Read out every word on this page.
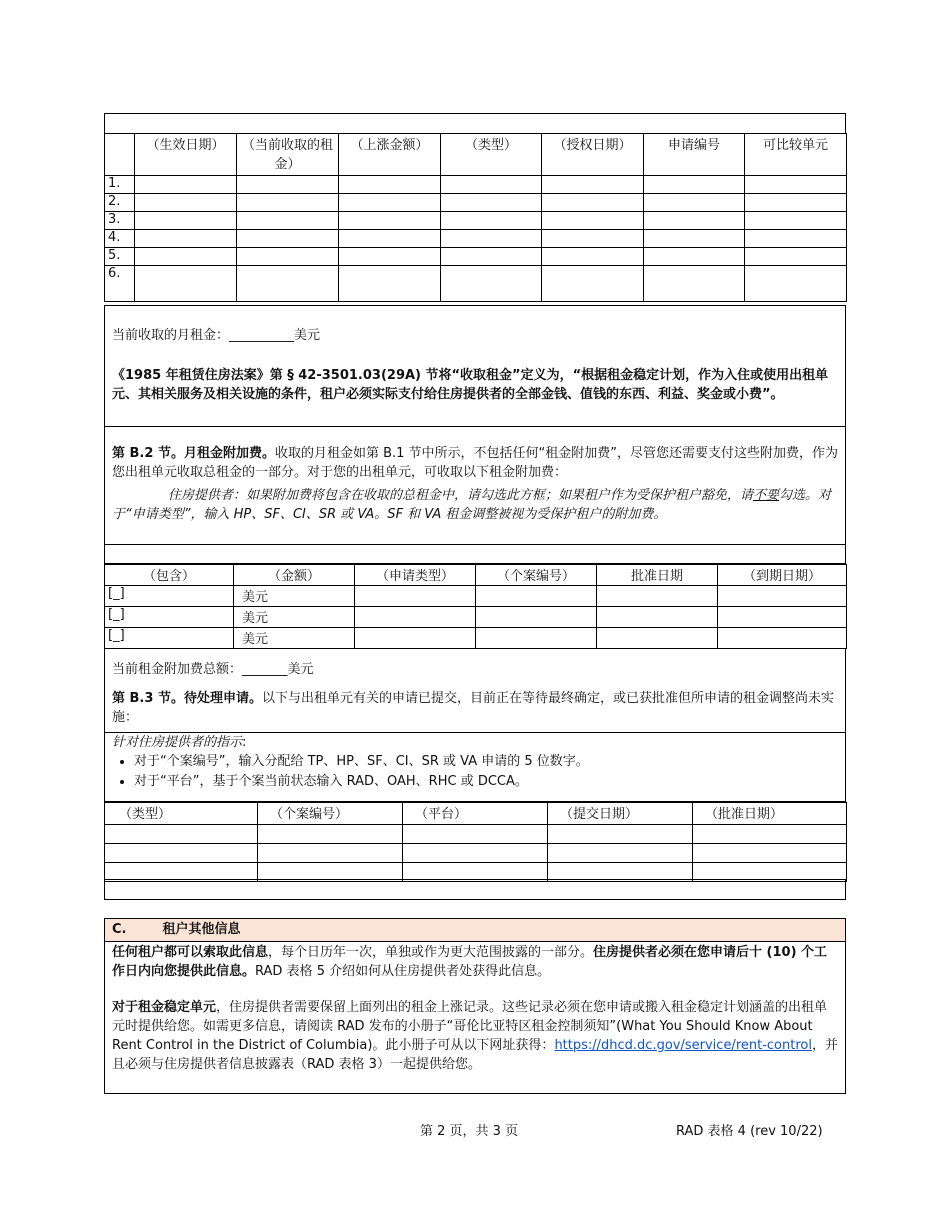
	（生效日期）	（当前收取的租金）	（上涨金额）	（类型）	（授权日期）	申请编号	可比较单元
1.							
2.							
3.							
4.							
5.							
6.							
当前收取的月租金：__________美元
《1985 年租赁住房法案》第 § 42-3501.03(29A) 节将“收取租金”定义为，“根据租金稳定计划，作为入住或使用出租单元、其相关服务及相关设施的条件，租户必须实际支付给住房提供者的全部金钱、值钱的东西、利益、奖金或小费”。
第 B.2 节。月租金附加费。收取的月租金如第 B.1 节中所示，不包括任何“租金附加费”，尽管您还需要支付这些附加费，作为您出租单元收取总租金的一部分。对于您的出租单元，可收取以下租金附加费：
住房提供者：如果附加费将包含在收取的总租金中，请勾选此方框；如果租户作为受保护租户豁免，请不要勾选。对于“申请类型”，输入 HP、SF、CI、SR 或 VA。SF 和 VA 租金调整被视为受保护租户的附加费。
（包含）	（金额）	（申请类型）	（个案编号）	批准日期	（到期日期）
[_]	美元				
[_]	美元				
[_]	美元				
当前租金附加费总额：_______美元
第 B.3 节。待处理申请。以下与出租单元有关的申请已提交，目前正在等待最终确定，或已获批准但所申请的租金调整尚未实施：
针对住房提供者的指示:
• 对于“个案编号”，输入分配给 TP、HP、SF、CI、SR 或 VA 申请的 5 位数字。
• 对于“平台”，基于个案当前状态输入 RAD、OAH、RHC 或 DCCA。
（类型）	（个案编号）	（平台）	（提交日期）	（批准日期）

C.	租户其他信息
任何租户都可以索取此信息，每个日历年一次，单独或作为更大范围披露的一部分。住房提供者必须在您申请后十 (10) 个工作日内向您提供此信息。RAD 表格 5 介绍如何从住房提供者处获得此信息。
对于租金稳定单元，住房提供者需要保留上面列出的租金上涨记录。这些记录必须在您申请或搬入租金稳定计划涵盖的出租单元时提供给您。如需更多信息，请阅读 RAD 发布的小册子“哥伦比亚特区租金控制须知”(What You Should Know About Rent Control in the District of Columbia)。此小册子可从以下网址获得：https://dhcd.dc.gov/service/rent-control，并且必须与住房提供者信息披露表（RAD 表格 3）一起提供给您。
第 2 页，共 3 页	RAD 表格 4 (rev 10/22)
